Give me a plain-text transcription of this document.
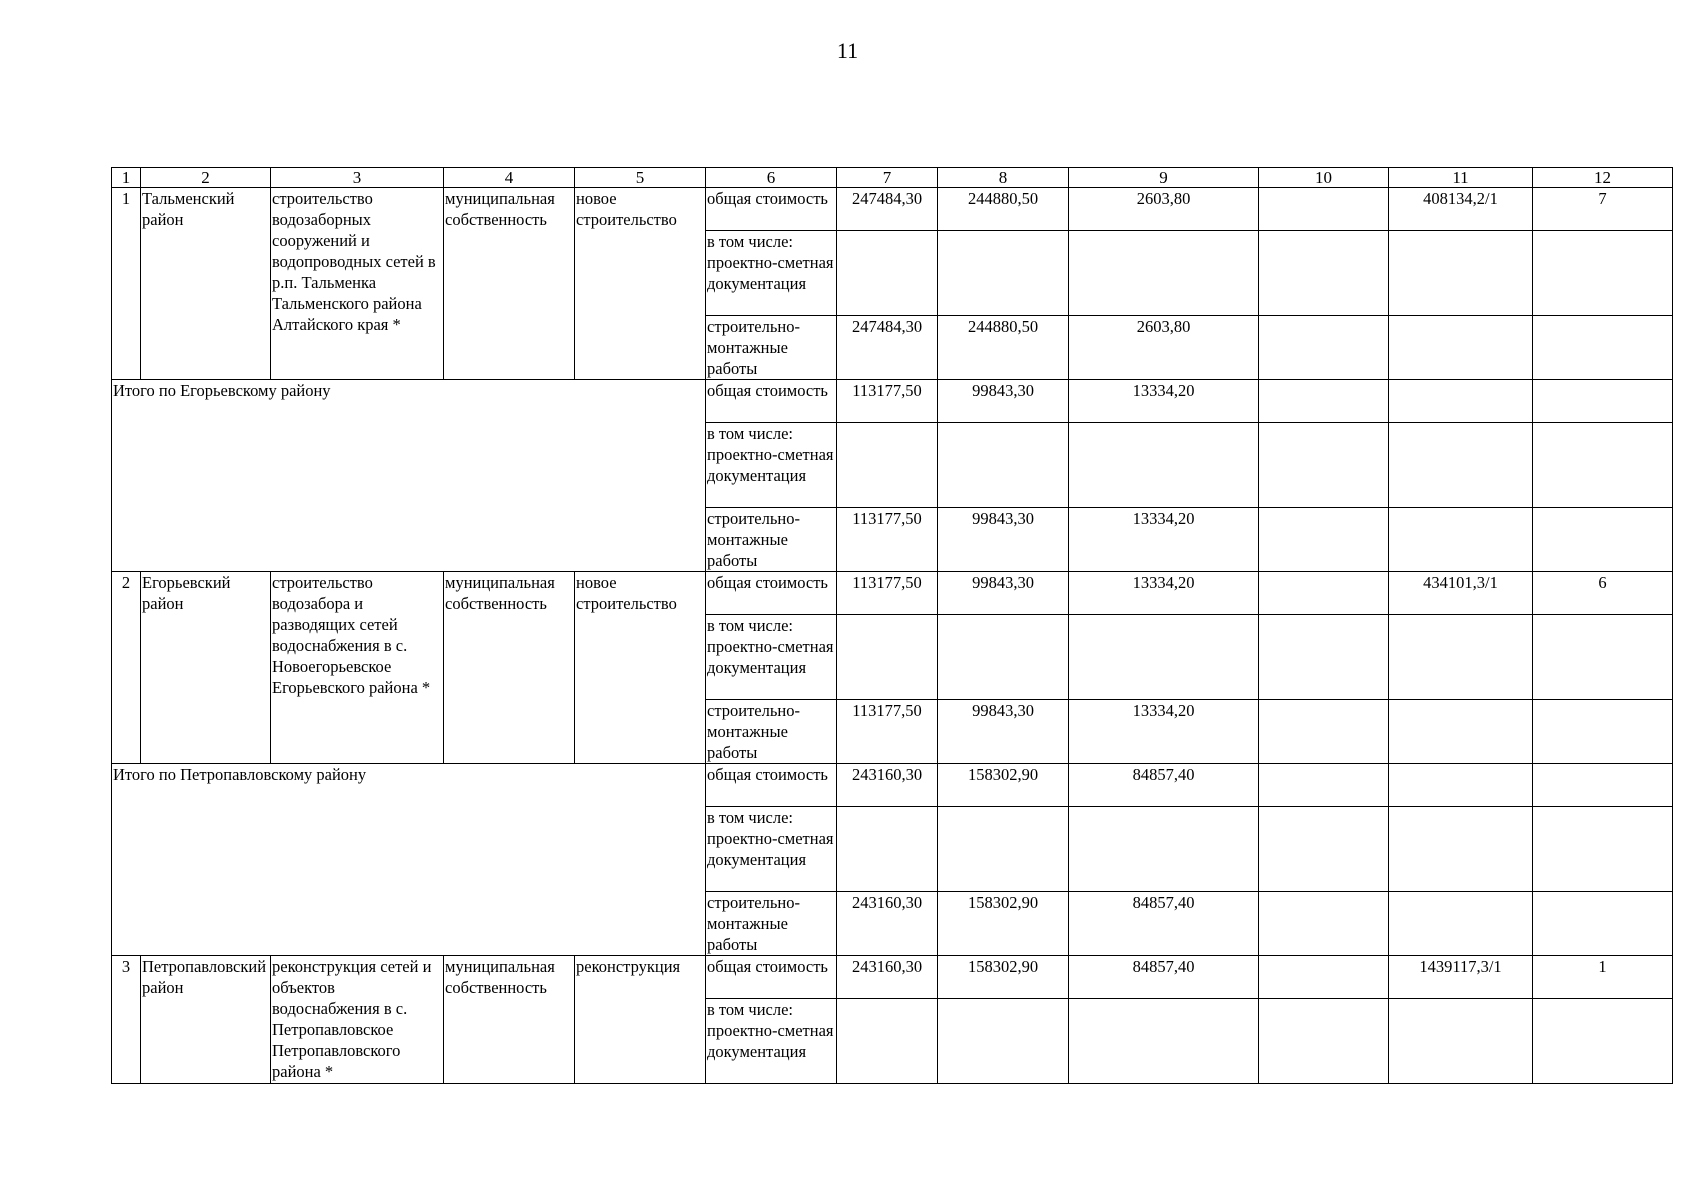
11
1	2	3	4	5	6	7	8	9	10	11	12
1	Тальменский район	строительство водозаборных сооружений и водопроводных сетей в р.п. Тальменка Тальменского района Алтайского края *	муниципальная собственность	новое строительство	общая стоимость	247484,30	244880,50	2603,80		408134,2/1	7
					в том числе: проектно-сметная документация						
					строительно-монтажные работы	247484,30	244880,50	2603,80			
Итого по Егорьевскому району					общая стоимость	113177,50	99843,30	13334,20			
					в том числе: проектно-сметная документация						
					строительно-монтажные работы	113177,50	99843,30	13334,20			
2	Егорьевский район	строительство водозабора и разводящих сетей водоснабжения в с. Новоегорьевское Егорьевского района *	муниципальная собственность	новое строительство	общая стоимость	113177,50	99843,30	13334,20		434101,3/1	6
					в том числе: проектно-сметная документация						
					строительно-монтажные работы	113177,50	99843,30	13334,20			
Итого по Петропавловскому району					общая стоимость	243160,30	158302,90	84857,40			
					в том числе: проектно-сметная документация						
					строительно-монтажные работы	243160,30	158302,90	84857,40			
3	Петропавловский район	реконструкция сетей и объектов водоснабжения в с. Петропавловское Петропавловского района *	муниципальная собственность	реконструкция	общая стоимость	243160,30	158302,90	84857,40		1439117,3/1	1
					в том числе: проектно-сметная документация						
